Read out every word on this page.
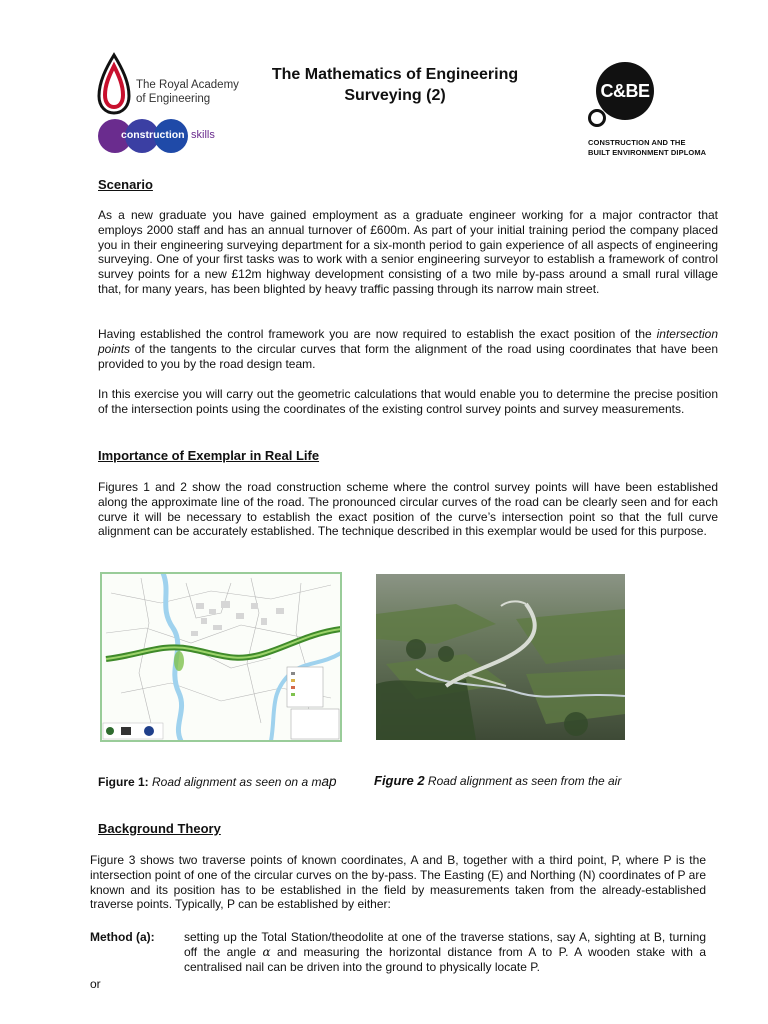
The Royal Academy
of Engineering
construction skills
The Mathematics of Engineering
Surveying (2)	C&BE
CONSTRUCTION AND THE
BUILT ENVIRONMENT DIPLOMA
Scenario

As a new graduate you have gained employment as a graduate engineer working for a major contractor that employs 2000 staff and has an annual turnover of £600m. As part of your initial training period the company placed you in their engineering surveying department for a six-month period to gain experience of all aspects of engineering surveying. One of your first tasks was to work with a senior engineering surveyor to establish a framework of control survey points for a new £12m highway development consisting of a two mile by-pass around a small rural village that, for many years, has been blighted by heavy traffic passing through its narrow main street.

Having established the control framework you are now required to establish the exact position of the intersection points of the tangents to the circular curves that form the alignment of the road using coordinates that have been provided to you by the road design team.

In this exercise you will carry out the geometric calculations that would enable you to determine the precise position of the intersection points using the coordinates of the existing control survey points and survey measurements.

Importance of Exemplar in Real Life

Figures 1 and 2 show the road construction scheme where the control survey points will have been established along the approximate line of the road. The pronounced circular curves of the road can be clearly seen and for each curve it will be necessary to establish the exact position of the curve’s intersection point so that the full curve alignment can be accurately established. The technique described in this exemplar would be used for this purpose.

Figure 1: Road alignment as seen on a map	Figure 2 Road alignment as seen from the air
Background Theory

Figure 3 shows two traverse points of known coordinates, A and B, together with a third point, P, where P is the intersection point of one of the circular curves on the by-pass. The Easting (E) and Northing (N) coordinates of P are known and its position has to be established in the field by measurements taken from the already-established traverse points. Typically, P can be established by either:

Method (a): setting up the Total Station/theodolite at one of the traverse stations, say A, sighting at B, turning off the angle α and measuring the horizontal distance from A to P. A wooden stake with a centralised nail can be driven into the ground to physically locate P.

or
